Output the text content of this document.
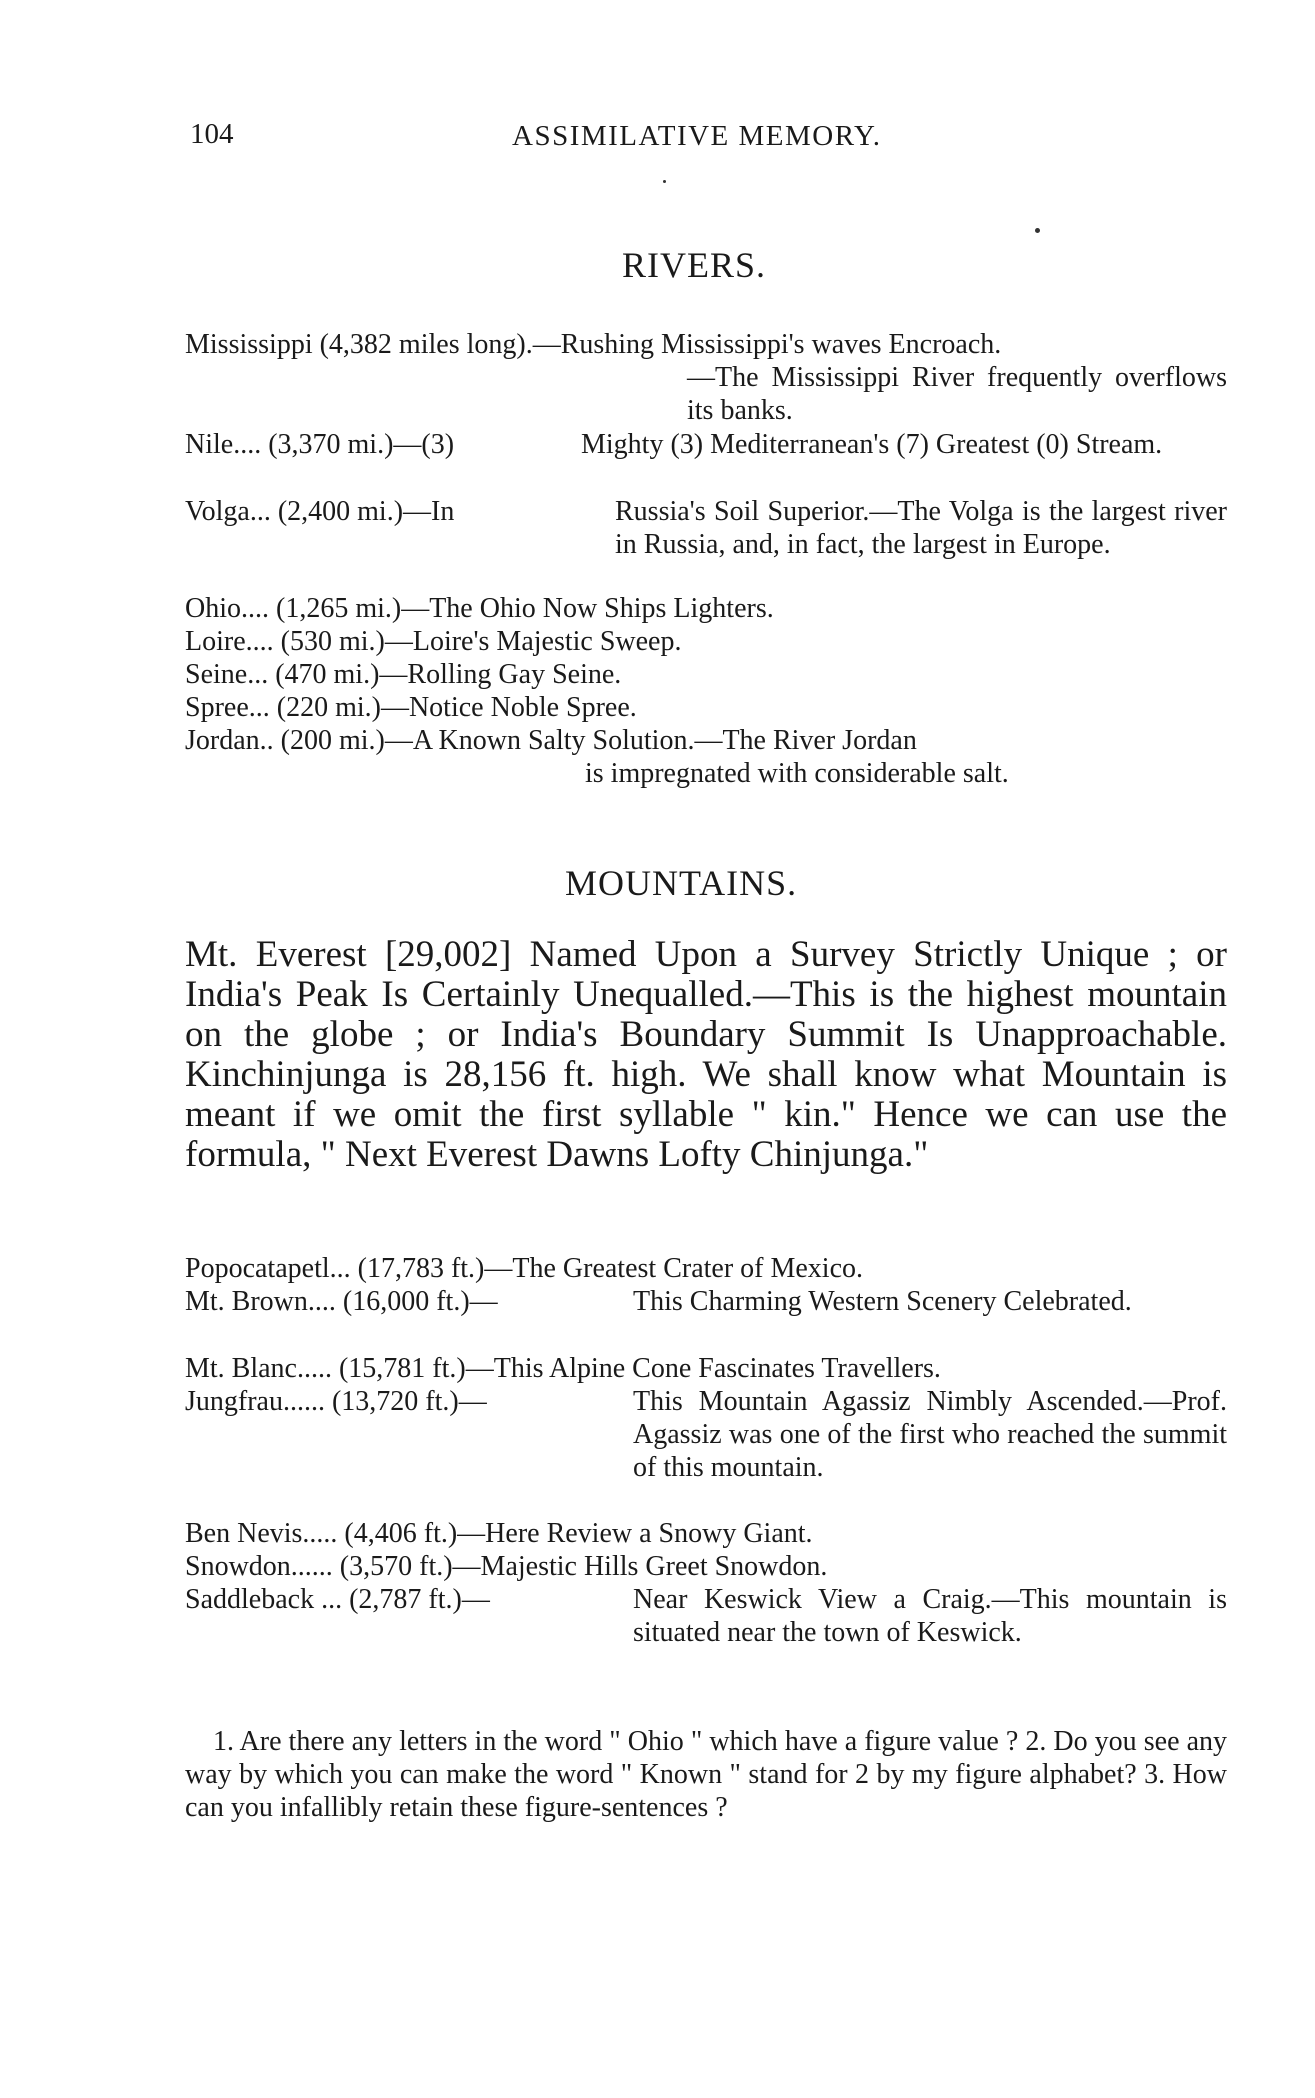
104	ASSIMILATIVE MEMORY.
RIVERS.
Mississippi (4,382 miles long).—Rushing Mississippi's waves Encroach.
—The Mississippi River frequently overflows its banks.
Nile.... (3,370 mi.)—(3)	Mighty (3) Mediterranean's (7) Greatest (0) Stream.
Volga... (2,400 mi.)—In	Russia's Soil Superior.—The Volga is the largest river in Russia, and, in fact, the largest in Europe.
Ohio.... (1,265 mi.)—The Ohio Now Ships Lighters.
Loire.... (530 mi.)—Loire's Majestic Sweep.
Seine... (470 mi.)—Rolling Gay Seine.
Spree... (220 mi.)—Notice Noble Spree.
Jordan.. (200 mi.)—A Known Salty Solution.—The River Jordan
is impregnated with considerable salt.
MOUNTAINS.
Mt. Everest [29,002] Named Upon a Survey Strictly Unique ; or India's Peak Is Certainly Unequalled.—This is the highest mountain on the globe ; or India's Boundary Summit Is Unapproachable. Kinchinjunga is 28,156 ft. high. We shall know what Mountain is meant if we omit the first syllable " kin." Hence we can use the formula, " Next Everest Dawns Lofty Chinjunga."
Popocatapetl... (17,783 ft.)—The Greatest Crater of Mexico.
Mt. Brown.... (16,000 ft.)—	This Charming Western Scenery Celebrated.
Mt. Blanc..... (15,781 ft.)—This Alpine Cone Fascinates Travellers.
Jungfrau...... (13,720 ft.)—	This Mountain Agassiz Nimbly Ascended.—Prof. Agassiz was one of the first who reached the summit of this mountain.
Ben Nevis..... (4,406 ft.)—Here Review a Snowy Giant.
Snowdon...... (3,570 ft.)—Majestic Hills Greet Snowdon.
Saddleback ... (2,787 ft.)—	Near Keswick View a Craig.—This mountain is situated near the town of Keswick.
1. Are there any letters in the word " Ohio " which have a figure value ? 2. Do you see any way by which you can make the word " Known " stand for 2 by my figure alphabet? 3. How can you infallibly retain these figure-sentences ?
